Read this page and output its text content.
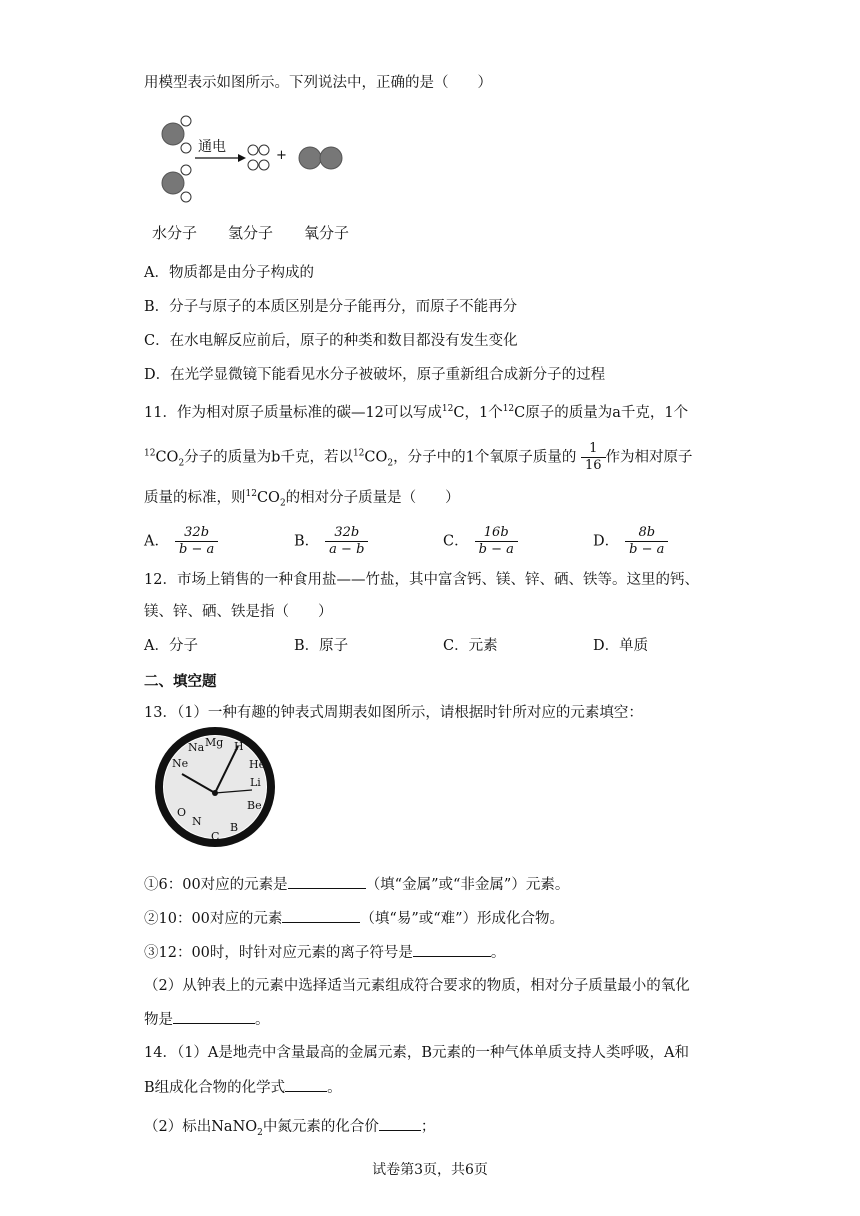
用模型表示如图所示。下列说法中，正确的是（　　）
通电
+
水分子 氢分子 氧分子
A．物质都是由分子构成的
B．分子与原子的本质区别是分子能再分，而原子不能再分
C．在水电解反应前后，原子的种类和数目都没有发生变化
D．在光学显微镜下能看见水分子被破坏，原子重新组合成新分子的过程
11．作为相对原子质量标准的碳—12可以写成$^{12}$C，1个$^{12}$C原子的质量为a千克，1个
$^{12}CO_2$分子的质量为b千克，若以$^{12}CO_2$，分子中的1个氧原子质量的 $\frac{1}{16}$ 作为相对原子
质量的标准，则$^{12}CO_2$的相对分子质量是（　　）
A． $\frac{32b}{b - a}$	B． $\frac{32b}{a - b}$	C． $\frac{16b}{b - a}$	D． $\frac{8b}{b - a}$
12．市场上销售的一种食用盐——竹盐，其中富含钙、镁、锌、硒、铁等。这里的钙、
镁、锌、硒、铁是指（　　）
A．分子	B．原子	C．元素	D．单质
二、填空题
13．（1）一种有趣的钟表式周期表如图所示，请根据时针所对应的元素填空：
Na Mg H
Ne	He
Li
Be
O
N
C
B
①6：00对应的元素是	（填“金属”或“非金属”）元素。
②10：00对应的元素	（填“易”或“难”）形成化合物。
③12：00时，时针对应元素的离子符号是	。
（2）从钟表上的元素中选择适当元素组成符合要求的物质，相对分子质量最小的氧化
物是	。
14．（1）A是地壳中含量最高的金属元素，B元素的一种气体单质支持人类呼吸，A和
B组成化合物的化学式	。
（2）标出NaNO$_2$中氮元素的化合价	；
试卷第3页，共6页
